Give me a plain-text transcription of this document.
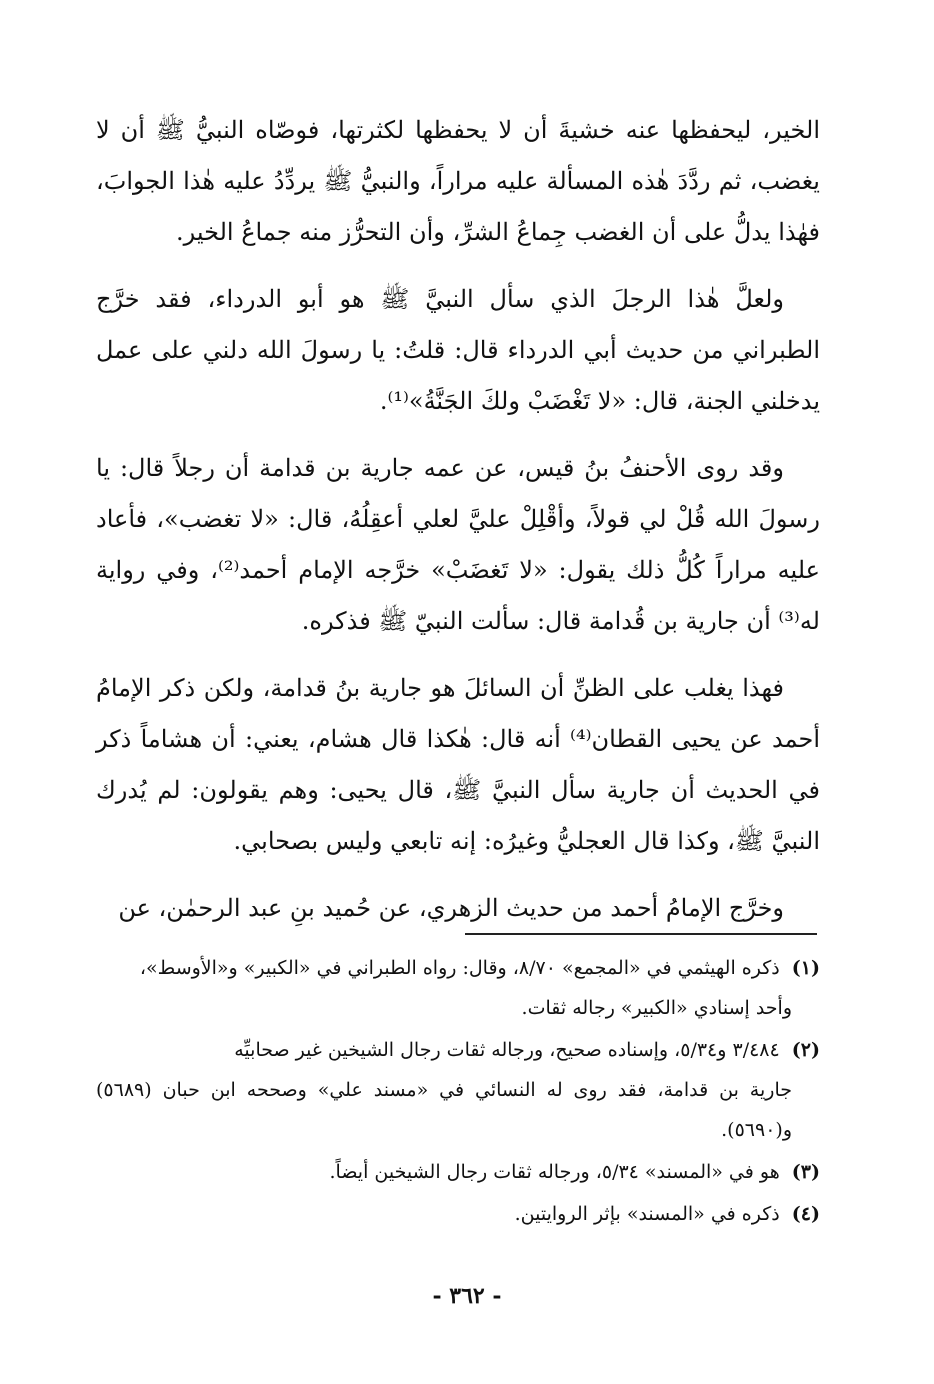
الخير، ليحفظها عنه خشيةَ أن لا يحفظها لكثرتها، فوصّاه النبيُّ ﷺ أن لا يغضب، ثم ردَّدَ هٰذه المسألة عليه مراراً، والنبيُّ ﷺ يردِّدُ عليه هٰذا الجوابَ، فهٰذا يدلُّ على أن الغضب جِماعُ الشرِّ، وأن التحرُّز منه جماعُ الخير.

ولعلَّ هٰذا الرجلَ الذي سأل النبيَّ ﷺ هو أبو الدرداء، فقد خرَّج الطبراني من حديث أبي الدرداء قال: قلتُ: يا رسولَ الله دلني على عمل يدخلني الجنة، قال: «لا تَغْضَبْ ولكَ الجَنَّةُ»⁽¹⁾.

وقد روى الأحنفُ بنُ قيس، عن عمه جارية بن قدامة أن رجلاً قال: يا رسولَ الله قُلْ لي قولاً، وأقْلِلْ عليَّ لعلي أعقِلُهُ، قال: «لا تغضب»، فأعاد عليه مراراً كُلُّ ذلك يقول: «لا تَغضَبْ» خرَّجه الإمام أحمد⁽²⁾، وفي رواية له⁽³⁾ أن جارية بن قُدامة قال: سألت النبيّ ﷺ فذكره.

فهذا يغلب على الظنِّ أن السائلَ هو جارية بنُ قدامة، ولكن ذكر الإمامُ أحمد عن يحيى القطان⁽⁴⁾ أنه قال: هٰكذا قال هشام، يعني: أن هشاماً ذكر في الحديث أن جارية سأل النبيَّ ﷺ، قال يحيى: وهم يقولون: لم يُدرك النبيَّ ﷺ، وكذا قال العجليُّ وغيرُه: إنه تابعي وليس بصحابي.

وخرَّج الإمامُ أحمد من حديث الزهري، عن حُميد بنِ عبد الرحمٰن، عن

(١) ذكره الهيثمي في «المجمع» ٨/٧٠، وقال: رواه الطبراني في «الكبير» و«الأوسط»،
وأحد إسنادي «الكبير» رجاله ثقات.
(٢) ٣/٤٨٤ و٥/٣٤، وإسناده صحيح، ورجاله ثقات رجال الشيخين غير صحابيِّه
جارية بن قدامة، فقد روى له النسائي في «مسند علي» وصححه ابن حبان (٥٦٨٩) و(٥٦٩٠).
(٣) هو في «المسند» ٥/٣٤، ورجاله ثقات رجال الشيخين أيضاً.
(٤) ذكره في «المسند» بإثر الروايتين.
- ٣٦٢ -
